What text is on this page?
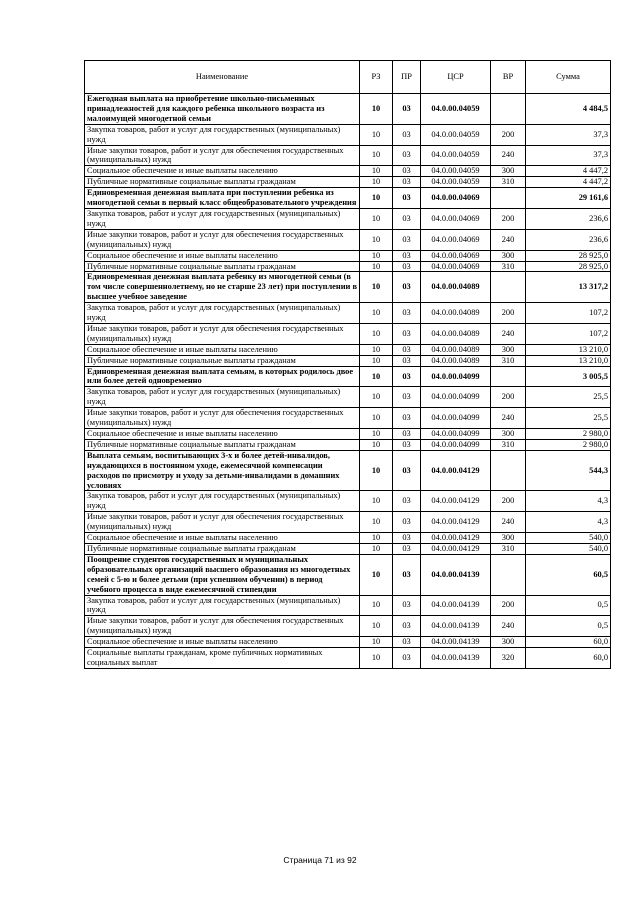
Наименование	РЗ	ПР	ЦСР	ВР	Сумма
Ежегодная выплата на приобретение школьно-письменных принадлежностей для каждого ребенка школьного возраста из малоимущей многодетной семьи	10	03	04.0.00.04059		4 484,5
Закупка товаров, работ и услуг для государственных (муниципальных) нужд	10	03	04.0.00.04059	200	37,3
Иные закупки товаров, работ и услуг для обеспечения государственных (муниципальных) нужд	10	03	04.0.00.04059	240	37,3
Социальное обеспечение и иные выплаты населению	10	03	04.0.00.04059	300	4 447,2
Публичные нормативные социальные выплаты гражданам	10	03	04.0.00.04059	310	4 447,2
Единовременная денежная выплата при поступлении ребенка из многодетной семьи в первый класс общеобразовательного учреждения	10	03	04.0.00.04069		29 161,6
Закупка товаров, работ и услуг для государственных (муниципальных) нужд	10	03	04.0.00.04069	200	236,6
Иные закупки товаров, работ и услуг для обеспечения государственных (муниципальных) нужд	10	03	04.0.00.04069	240	236,6
Социальное обеспечение и иные выплаты населению	10	03	04.0.00.04069	300	28 925,0
Публичные нормативные социальные выплаты гражданам	10	03	04.0.00.04069	310	28 925,0
Единовременная денежная выплата ребенку из многодетной семьи (в том числе совершеннолетнему, но не старше 23 лет) при поступлении в высшее учебное заведение	10	03	04.0.00.04089		13 317,2
Закупка товаров, работ и услуг для государственных (муниципальных) нужд	10	03	04.0.00.04089	200	107,2
Иные закупки товаров, работ и услуг для обеспечения государственных (муниципальных) нужд	10	03	04.0.00.04089	240	107,2
Социальное обеспечение и иные выплаты населению	10	03	04.0.00.04089	300	13 210,0
Публичные нормативные социальные выплаты гражданам	10	03	04.0.00.04089	310	13 210,0
Единовременная денежная выплата семьям, в которых родилось двое или более детей одновременно	10	03	04.0.00.04099		3 005,5
Закупка товаров, работ и услуг для государственных (муниципальных) нужд	10	03	04.0.00.04099	200	25,5
Иные закупки товаров, работ и услуг для обеспечения государственных (муниципальных) нужд	10	03	04.0.00.04099	240	25,5
Социальное обеспечение и иные выплаты населению	10	03	04.0.00.04099	300	2 980,0
Публичные нормативные социальные выплаты гражданам	10	03	04.0.00.04099	310	2 980,0
Выплата семьям, воспитывающих 3-х и более детей-инвалидов, нуждающихся в постоянном уходе, ежемесячной компенсации расходов по присмотру и уходу за детьми-инвалидами в домашних условиях	10	03	04.0.00.04129		544,3
Закупка товаров, работ и услуг для государственных (муниципальных) нужд	10	03	04.0.00.04129	200	4,3
Иные закупки товаров, работ и услуг для обеспечения государственных (муниципальных) нужд	10	03	04.0.00.04129	240	4,3
Социальное обеспечение и иные выплаты населению	10	03	04.0.00.04129	300	540,0
Публичные нормативные социальные выплаты гражданам	10	03	04.0.00.04129	310	540,0
Поощрение студентов государственных и муниципальных образовательных организаций высшего образования из многодетных семей с 5-ю и более детьми (при успешном обучении) в период учебного процесса в виде ежемесячной стипендии	10	03	04.0.00.04139		60,5
Закупка товаров, работ и услуг для государственных (муниципальных) нужд	10	03	04.0.00.04139	200	0,5
Иные закупки товаров, работ и услуг для обеспечения государственных (муниципальных) нужд	10	03	04.0.00.04139	240	0,5
Социальное обеспечение и иные выплаты населению	10	03	04.0.00.04139	300	60,0
Социальные выплаты гражданам, кроме публичных нормативных социальных выплат	10	03	04.0.00.04139	320	60,0
Страница 71 из 92
